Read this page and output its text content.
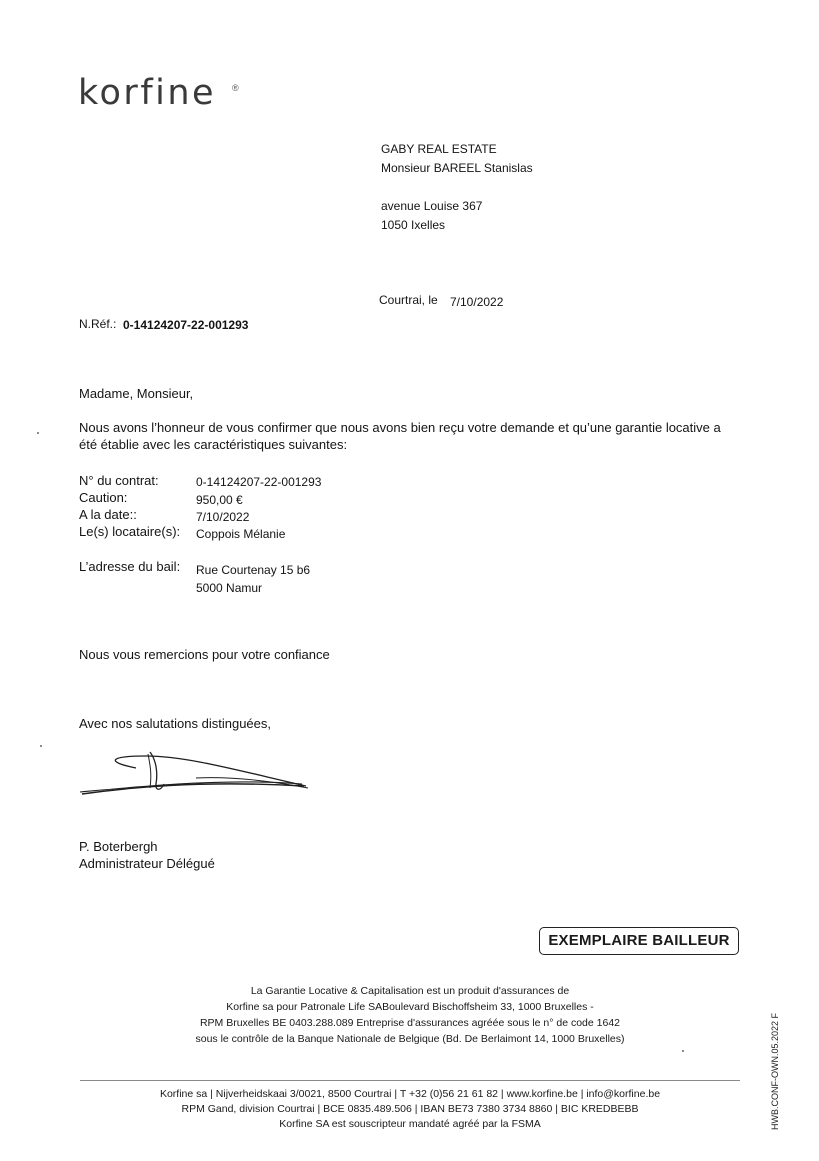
korfine ®
GABY REAL ESTATE
Monsieur BAREEL Stanislas
avenue Louise 367
1050 Ixelles
Courtrai, le 7/10/2022
N.Réf.: 0-14124207-22-001293
Madame, Monsieur,
Nous avons l’honneur de vous confirmer que nous avons bien reçu votre demande et qu’une garantie locative a
été établie avec les caractéristiques suivantes:
N° du contrat:	0-14124207-22-001293
Caution:	950,00 €
A la date::	7/10/2022
Le(s) locataire(s): Coppois Mélanie
L’adresse du bail: Rue Courtenay 15 b6
5000 Namur
Nous vous remercions pour votre confiance
Avec nos salutations distinguées,
P. Boterbergh
Administrateur Délégué
EXEMPLAIRE BAILLEUR
La Garantie Locative & Capitalisation est un produit d'assurances de
Korfine sa pour Patronale Life SABoulevard Bischoffsheim 33, 1000 Bruxelles -
RPM Bruxelles BE 0403.288.089 Entreprise d'assurances agréée sous le n° de code 1642
sous le contrôle de la Banque Nationale de Belgique (Bd. De Berlaimont 14, 1000 Bruxelles)
Korfine sa | Nijverheidskaai 3/0021, 8500 Courtrai | T +32 (0)56 21 61 82 | www.korfine.be | info@korfine.be
RPM Gand, division Courtrai | BCE 0835.489.506 | IBAN BE73 7380 3734 8860 | BIC KREDBEBB
Korfine SA est souscripteur mandaté agréé par la FSMA	HWB.CONF-OWN.05.2022 F
